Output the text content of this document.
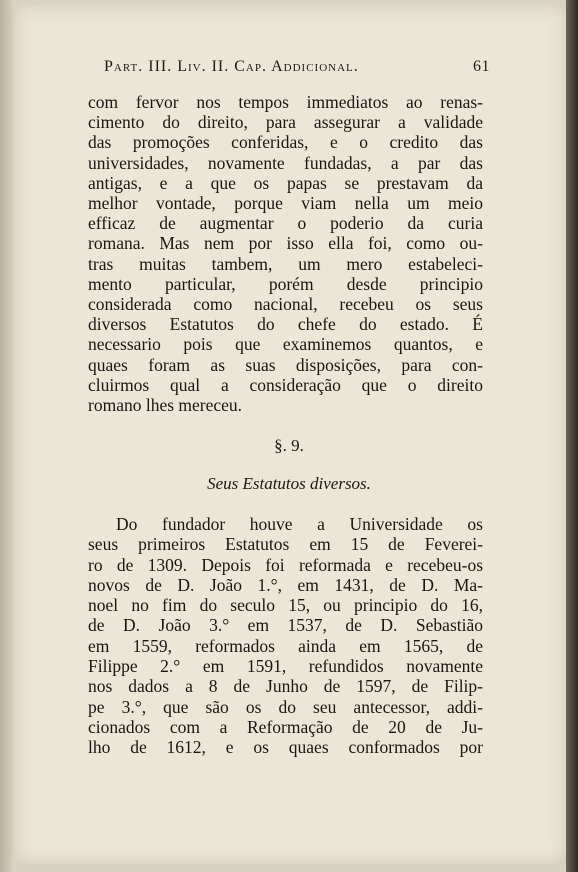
Part. III. Liv. II. Cap. Addicional.	61
com fervor nos tempos immediatos ao renas-
cimento do direito, para assegurar a validade
das promoções conferidas, e o credito das
universidades, novamente fundadas, a par das
antigas, e a que os papas se prestavam da
melhor vontade, porque viam nella um meio
efficaz de augmentar o poderio da curia
romana. Mas nem por isso ella foi, como ou-
tras muitas tambem, um mero estabeleci-
mento particular, porém desde principio
considerada como nacional, recebeu os seus
diversos Estatutos do chefe do estado. É
necessario pois que examinemos quantos, e
quaes foram as suas disposições, para con-
cluirmos qual a consideração que o direito
romano lhes mereceu.
§. 9.
Seus Estatutos diversos.
Do fundador houve a Universidade os
seus primeiros Estatutos em 15 de Feverei-
ro de 1309. Depois foi reformada e recebeu-os
novos de D. João 1.°, em 1431, de D. Ma-
noel no fim do seculo 15, ou principio do 16,
de D. João 3.° em 1537, de D. Sebastião
em 1559, reformados ainda em 1565, de
Filippe 2.° em 1591, refundidos novamente
nos dados a 8 de Junho de 1597, de Filip-
pe 3.°, que são os do seu antecessor, addi-
cionados com a Reformação de 20 de Ju-
lho de 1612, e os quaes conformados por
